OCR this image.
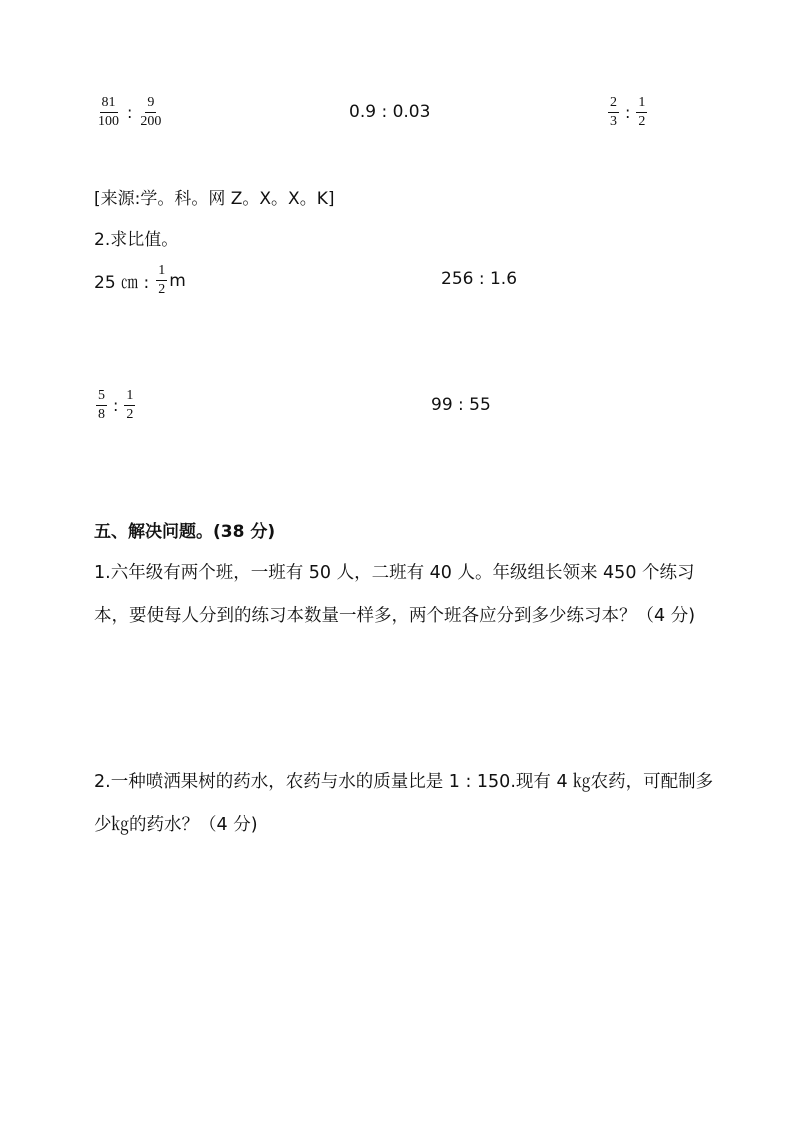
$\frac{81}{100}$ : $\frac{9}{200}$	0.9 : 0.03	$\frac{2}{3}$ : $\frac{1}{2}$
[来源:学。科。网 Z。X。X。K]
2.求比值。
25 ㎝ : $\frac{1}{2}$ m	256 : 1.6
$\frac{5}{8}$ : $\frac{1}{2}$	99 : 55
五、解决问题。(38 分)
1.六年级有两个班，一班有 50 人，二班有 40 人。年级组长领来 450 个练习本，要使每人分到的练习本数量一样多，两个班各应分到多少练习本？（4 分)
2.一种喷洒果树的药水，农药与水的质量比是 1 : 150.现有 4 ㎏农药，可配制多少㎏的药水？（4 分)
